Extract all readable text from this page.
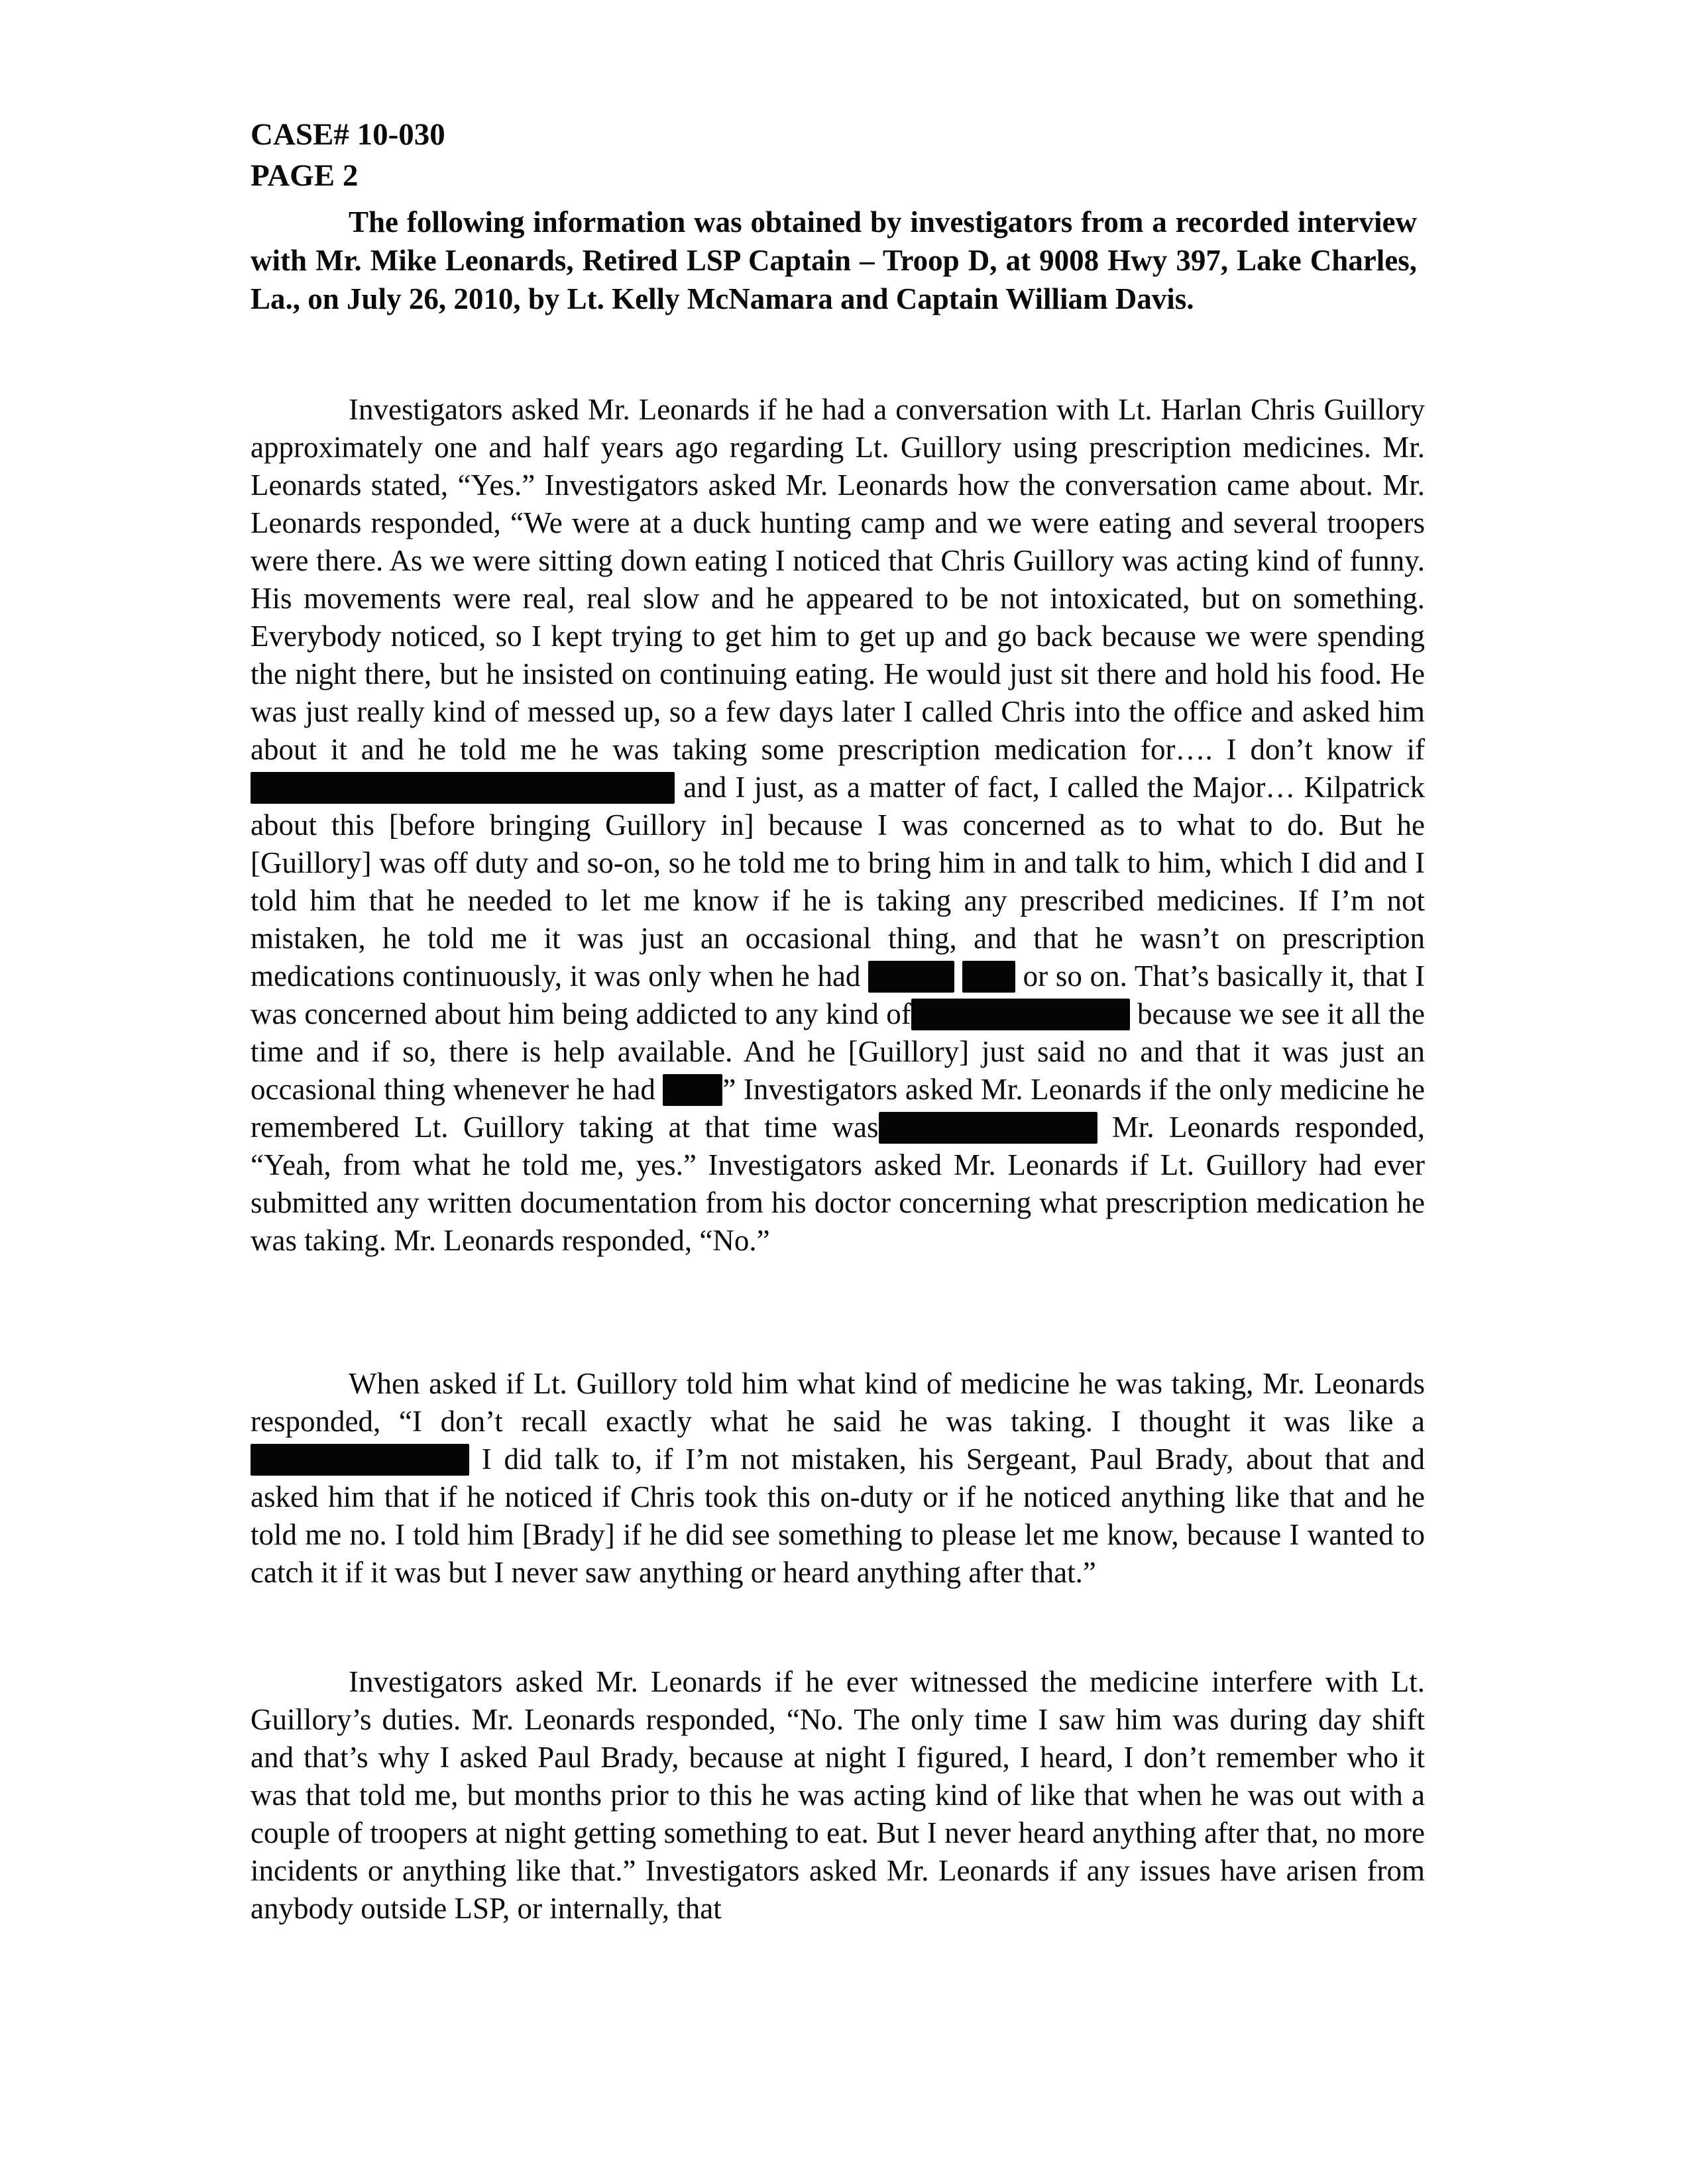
CASE# 10-030
PAGE 2
The following information was obtained by investigators from a recorded interview with Mr. Mike Leonards, Retired LSP Captain – Troop D, at 9008 Hwy 397, Lake Charles, La., on July 26, 2010, by Lt. Kelly McNamara and Captain William Davis.
Investigators asked Mr. Leonards if he had a conversation with Lt. Harlan Chris Guillory approximately one and half years ago regarding Lt. Guillory using prescription medicines. Mr. Leonards stated, “Yes.” Investigators asked Mr. Leonards how the conversation came about. Mr. Leonards responded, “We were at a duck hunting camp and we were eating and several troopers were there. As we were sitting down eating I noticed that Chris Guillory was acting kind of funny. His movements were real, real slow and he appeared to be not intoxicated, but on something. Everybody noticed, so I kept trying to get him to get up and go back because we were spending the night there, but he insisted on continuing eating. He would just sit there and hold his food. He was just really kind of messed up, so a few days later I called Chris into the office and asked him about it and he told me he was taking some prescription medication for…. I don’t know if and I just, as a matter of fact, I called the Major… Kilpatrick about this [before bringing Guillory in] because I was concerned as to what to do. But he [Guillory] was off duty and so-on, so he told me to bring him in and talk to him, which I did and I told him that he needed to let me know if he is taking any prescribed medicines. If I’m not mistaken, he told me it was just an occasional thing, and that he wasn’t on prescription medications continuously, it was only when he had	or so on. That’s basically it, that I was concerned about him being addicted to any kind of	because we see it all the time and if so, there is help available. And he [Guillory] just said no and that it was just an occasional thing whenever he had ” Investigators asked Mr. Leonards if the only medicine he remembered Lt. Guillory taking at that time was	Mr. Leonards responded, “Yeah, from what he told me, yes.” Investigators asked Mr. Leonards if Lt. Guillory had ever submitted any written documentation from his doctor concerning what prescription medication he was taking. Mr. Leonards responded, “No.”
When asked if Lt. Guillory told him what kind of medicine he was taking, Mr. Leonards responded, “I don’t recall exactly what he said he was taking. I thought it was like a  I did talk to, if I’m not mistaken, his Sergeant, Paul Brady, about that and asked him that if he noticed if Chris took this on-duty or if he noticed anything like that and he told me no. I told him [Brady] if he did see something to please let me know, because I wanted to catch it if it was but I never saw anything or heard anything after that.”
Investigators asked Mr. Leonards if he ever witnessed the medicine interfere with Lt. Guillory’s duties. Mr. Leonards responded, “No. The only time I saw him was during day shift and that’s why I asked Paul Brady, because at night I figured, I heard, I don’t remember who it was that told me, but months prior to this he was acting kind of like that when he was out with a couple of troopers at night getting something to eat. But I never heard anything after that, no more incidents or anything like that.” Investigators asked Mr. Leonards if any issues have arisen from anybody outside LSP, or internally, that
